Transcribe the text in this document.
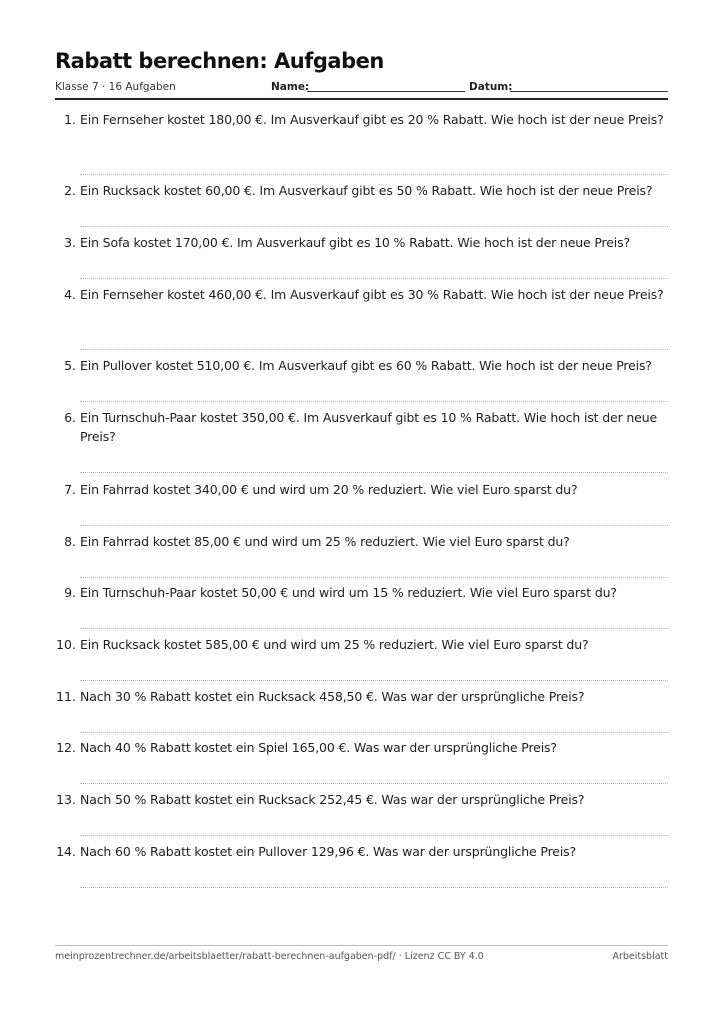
Rabatt berechnen: Aufgaben
Klasse 7 · 16 Aufgaben	Name:	Datum:
1. Ein Fernseher kostet 180,00 €. Im Ausverkauf gibt es 20 % Rabatt. Wie hoch ist der neue Preis?
2. Ein Rucksack kostet 60,00 €. Im Ausverkauf gibt es 50 % Rabatt. Wie hoch ist der neue Preis?
3. Ein Sofa kostet 170,00 €. Im Ausverkauf gibt es 10 % Rabatt. Wie hoch ist der neue Preis?
4. Ein Fernseher kostet 460,00 €. Im Ausverkauf gibt es 30 % Rabatt. Wie hoch ist der neue Preis?
5. Ein Pullover kostet 510,00 €. Im Ausverkauf gibt es 60 % Rabatt. Wie hoch ist der neue Preis?
6. Ein Turnschuh-Paar kostet 350,00 €. Im Ausverkauf gibt es 10 % Rabatt. Wie hoch ist der neue Preis?
7. Ein Fahrrad kostet 340,00 € und wird um 20 % reduziert. Wie viel Euro sparst du?
8. Ein Fahrrad kostet 85,00 € und wird um 25 % reduziert. Wie viel Euro sparst du?
9. Ein Turnschuh-Paar kostet 50,00 € und wird um 15 % reduziert. Wie viel Euro sparst du?
10. Ein Rucksack kostet 585,00 € und wird um 25 % reduziert. Wie viel Euro sparst du?
11. Nach 30 % Rabatt kostet ein Rucksack 458,50 €. Was war der ursprüngliche Preis?
12. Nach 40 % Rabatt kostet ein Spiel 165,00 €. Was war der ursprüngliche Preis?
13. Nach 50 % Rabatt kostet ein Rucksack 252,45 €. Was war der ursprüngliche Preis?
14. Nach 60 % Rabatt kostet ein Pullover 129,96 €. Was war der ursprüngliche Preis?
meinprozentrechner.de/arbeitsblaetter/rabatt-berechnen-aufgaben-pdf/ · Lizenz CC BY 4.0	Arbeitsblatt
